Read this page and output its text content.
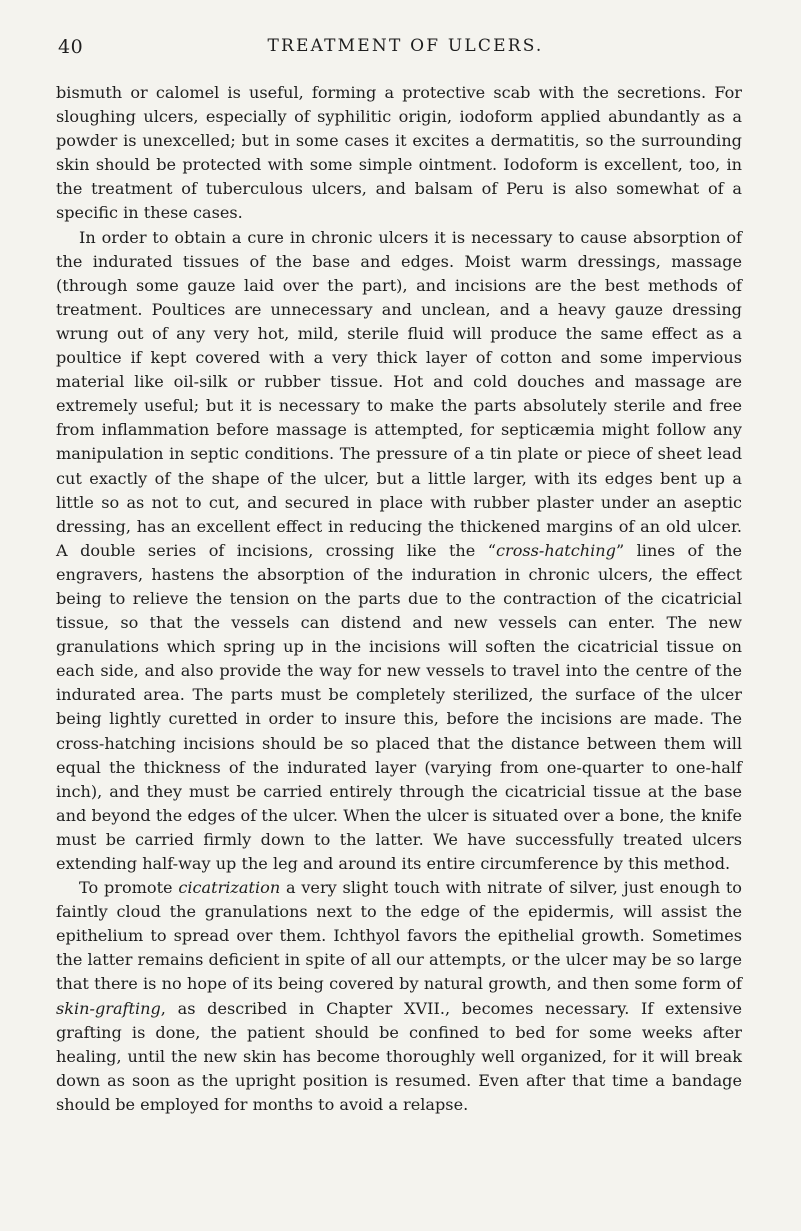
40	TREATMENT OF ULCERS.

bismuth or calomel is useful, forming a protective scab with the secretions. For sloughing ulcers, especially of syphilitic origin, iodoform applied abundantly as a powder is unexcelled; but in some cases it excites a dermatitis, so the surrounding skin should be protected with some simple ointment. Iodoform is excellent, too, in the treatment of tuberculous ulcers, and balsam of Peru is also somewhat of a specific in these cases.

In order to obtain a cure in chronic ulcers it is necessary to cause absorption of the indurated tissues of the base and edges. Moist warm dressings, massage (through some gauze laid over the part), and incisions are the best methods of treatment. Poultices are unnecessary and unclean, and a heavy gauze dressing wrung out of any very hot, mild, sterile fluid will produce the same effect as a poultice if kept covered with a very thick layer of cotton and some impervious material like oil-silk or rubber tissue. Hot and cold douches and massage are extremely useful; but it is necessary to make the parts absolutely sterile and free from inflammation before massage is attempted, for septicæmia might follow any manipulation in septic conditions. The pressure of a tin plate or piece of sheet lead cut exactly of the shape of the ulcer, but a little larger, with its edges bent up a little so as not to cut, and secured in place with rubber plaster under an aseptic dressing, has an excellent effect in reducing the thickened margins of an old ulcer. A double series of incisions, crossing like the “cross-hatching” lines of the engravers, hastens the absorption of the induration in chronic ulcers, the effect being to relieve the tension on the parts due to the contraction of the cicatricial tissue, so that the vessels can distend and new vessels can enter. The new granulations which spring up in the incisions will soften the cicatricial tissue on each side, and also provide the way for new vessels to travel into the centre of the indurated area. The parts must be completely sterilized, the surface of the ulcer being lightly curetted in order to insure this, before the incisions are made. The cross-hatching incisions should be so placed that the distance between them will equal the thickness of the indurated layer (varying from one-quarter to one-half inch), and they must be carried entirely through the cicatricial tissue at the base and beyond the edges of the ulcer. When the ulcer is situated over a bone, the knife must be carried firmly down to the latter. We have successfully treated ulcers extending half-way up the leg and around its entire circumference by this method.

To promote cicatrization a very slight touch with nitrate of silver, just enough to faintly cloud the granulations next to the edge of the epidermis, will assist the epithelium to spread over them. Ichthyol favors the epithelial growth. Sometimes the latter remains deficient in spite of all our attempts, or the ulcer may be so large that there is no hope of its being covered by natural growth, and then some form of skin-grafting, as described in Chapter XVII., becomes necessary. If extensive grafting is done, the patient should be confined to bed for some weeks after healing, until the new skin has become thoroughly well organized, for it will break down as soon as the upright position is resumed. Even after that time a bandage should be employed for months to avoid a relapse.
